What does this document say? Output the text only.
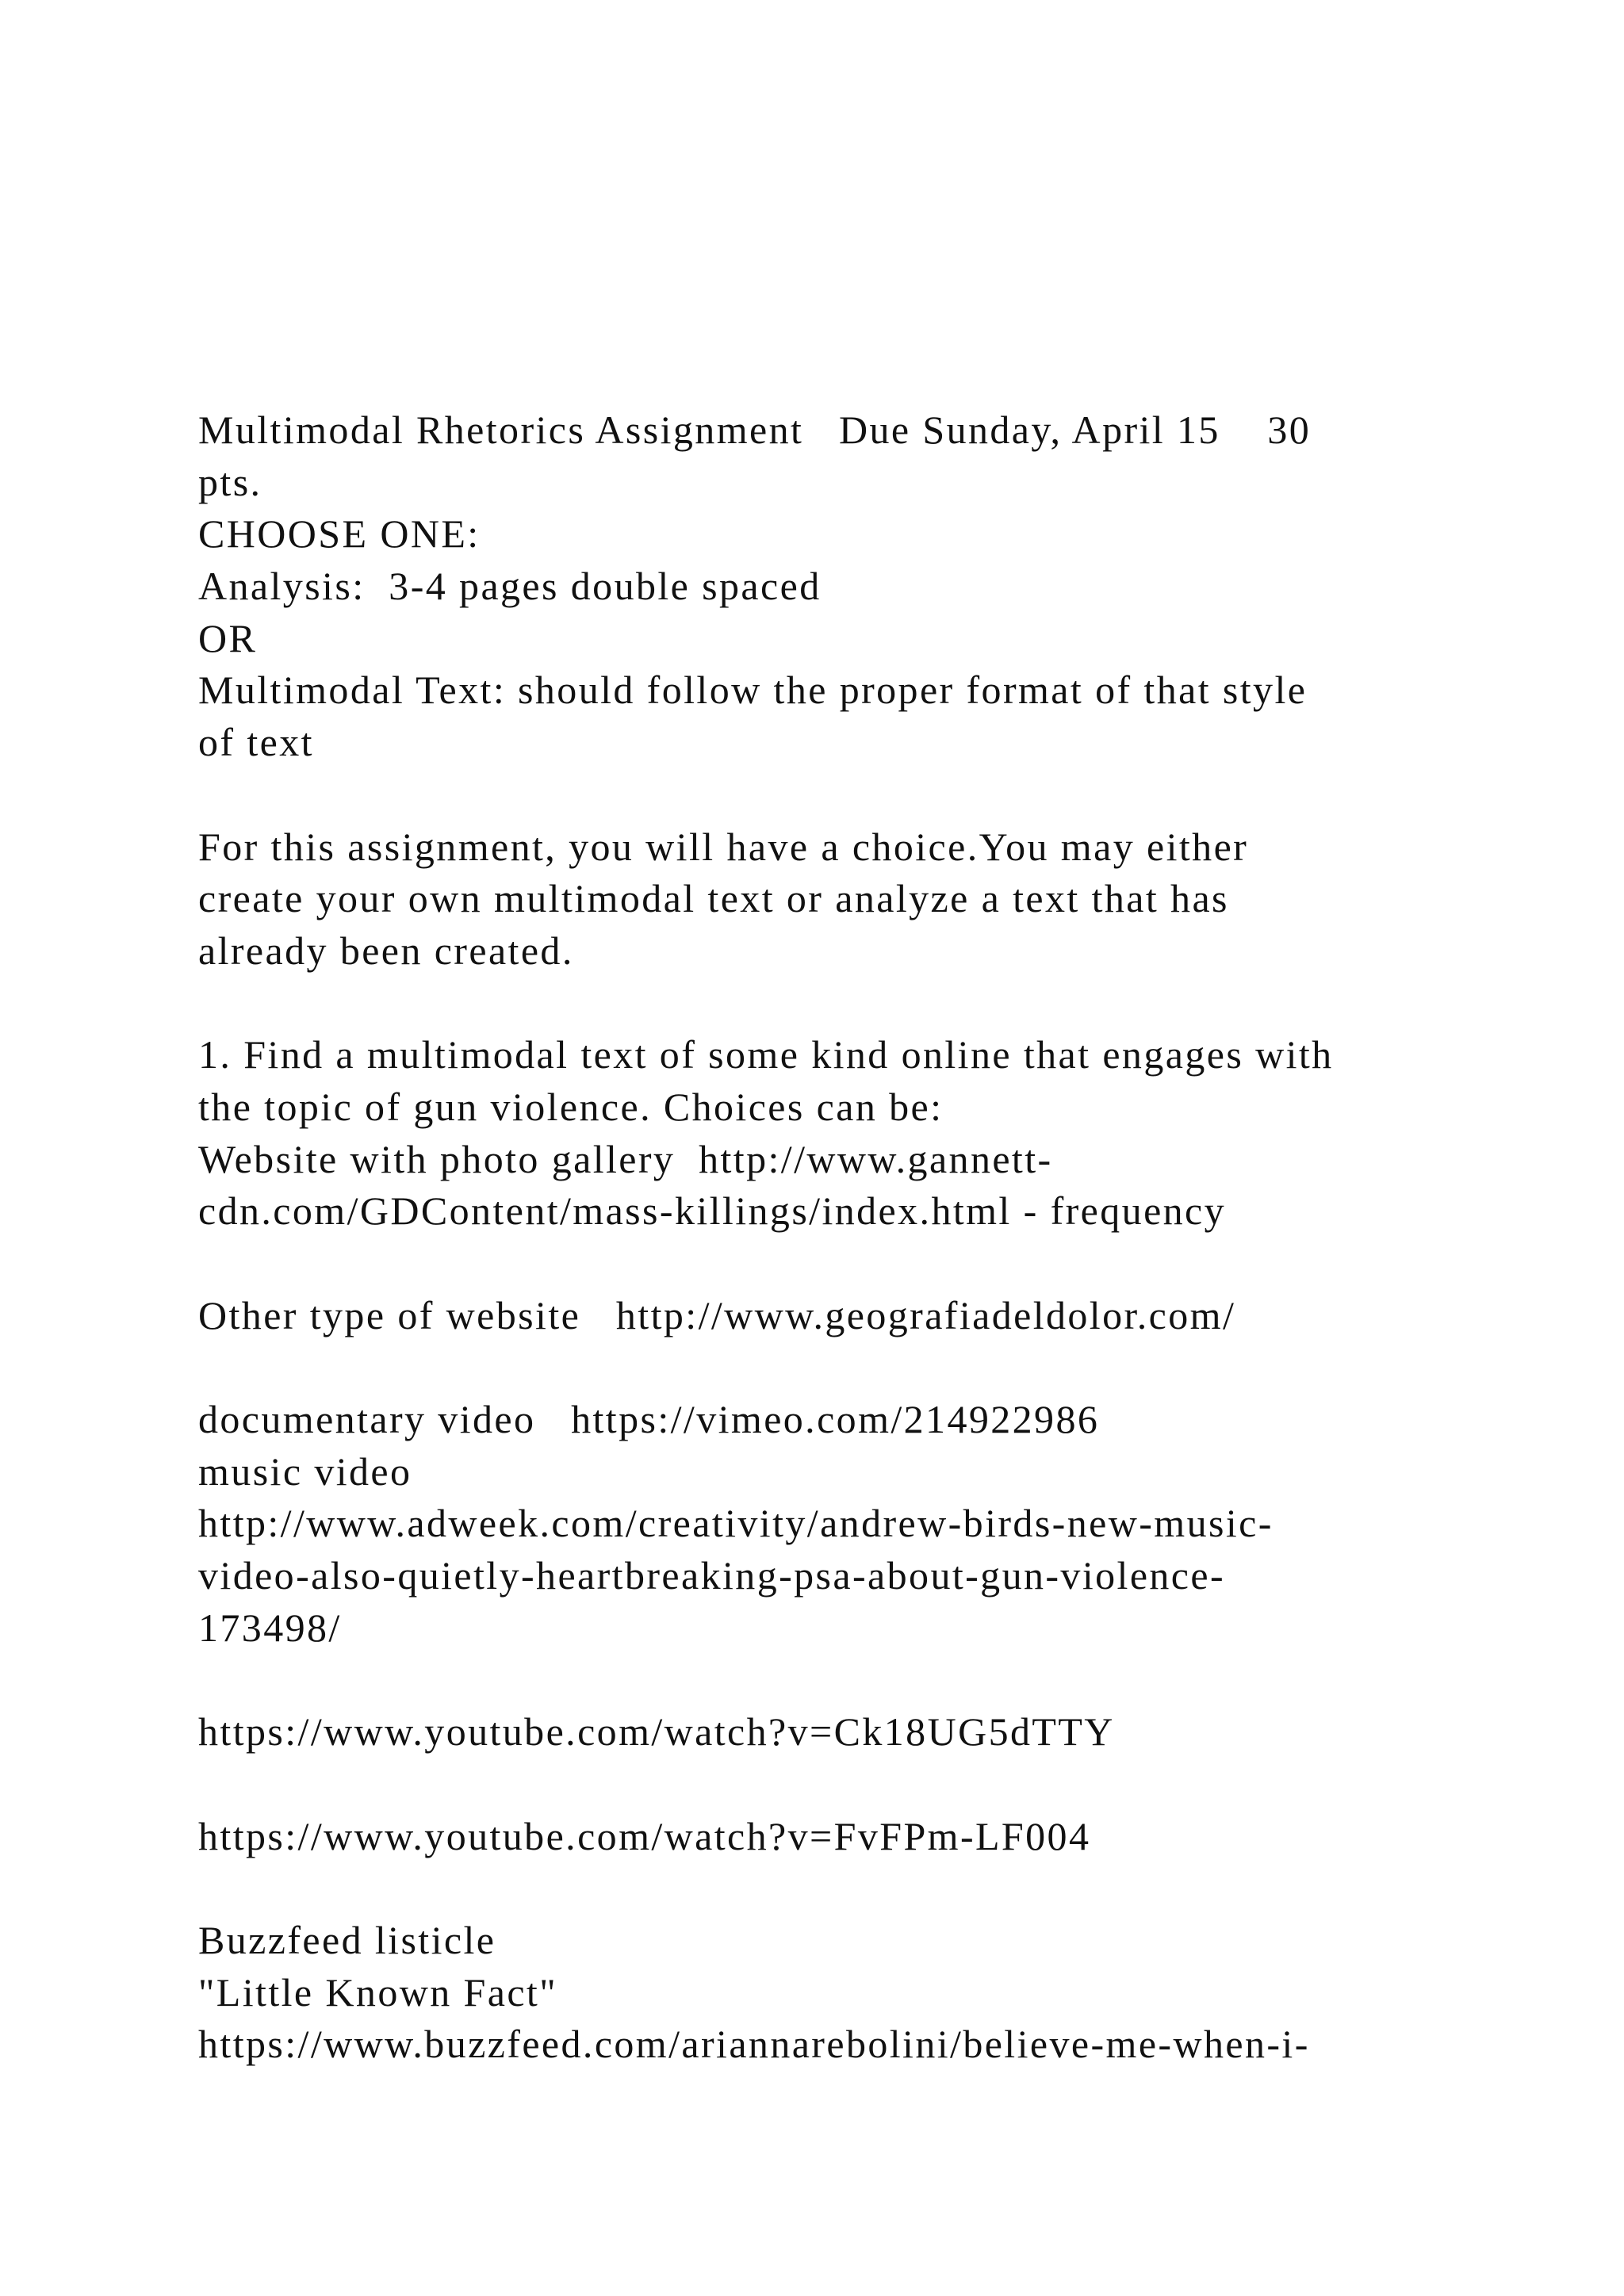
Multimodal Rhetorics Assignment   Due Sunday, April 15    30
pts.
CHOOSE ONE:
Analysis:  3-4 pages double spaced
OR
Multimodal Text: should follow the proper format of that style
of text
For this assignment, you will have a choice.You may either
create your own multimodal text or analyze a text that has
already been created.
1. Find a multimodal text of some kind online that engages with
the topic of gun violence. Choices can be:
Website with photo gallery  http://www.gannett-
cdn.com/GDContent/mass-killings/index.html - frequency
Other type of website   http://www.geografiadeldolor.com/
documentary video   https://vimeo.com/214922986
music video
http://www.adweek.com/creativity/andrew-birds-new-music-
video-also-quietly-heartbreaking-psa-about-gun-violence-
173498/
https://www.youtube.com/watch?v=Ck18UG5dTTY
https://www.youtube.com/watch?v=FvFPm-LF004
Buzzfeed listicle
"Little Known Fact"
https://www.buzzfeed.com/ariannarebolini/believe-me-when-i-
